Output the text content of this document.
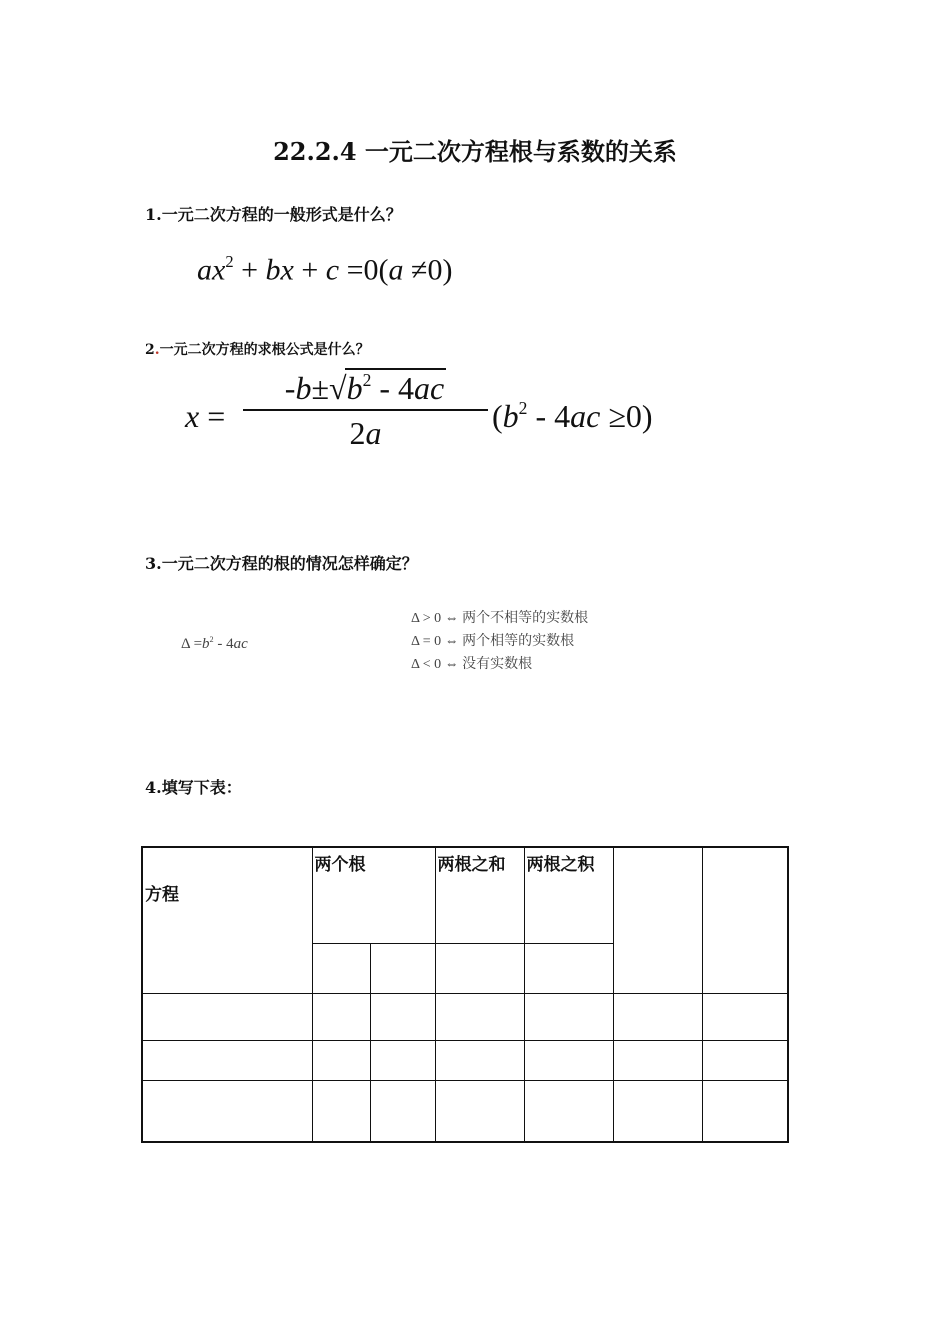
22.2.4 一元二次方程根与系数的关系
1.一元二次方程的一般形式是什么？
$ax^2$ + bx + c =0(a ≠0)
2.一元二次方程的求根公式是什么？
x =
- b ±√ $b^2 - 4ac$
2a	$(b^2 - 4ac \ge 0)$
3.一元二次方程的根的情况怎样确定？
$\Delta =b^2 - 4ac$
Δ > 0 ⇔ 两个不相等的实数根
Δ = 0 ⇔ 两个相等的实数根
Δ < 0 ⇔ 没有实数根
4.填写下表：
方程	两个根		两根之和	两根之积		
